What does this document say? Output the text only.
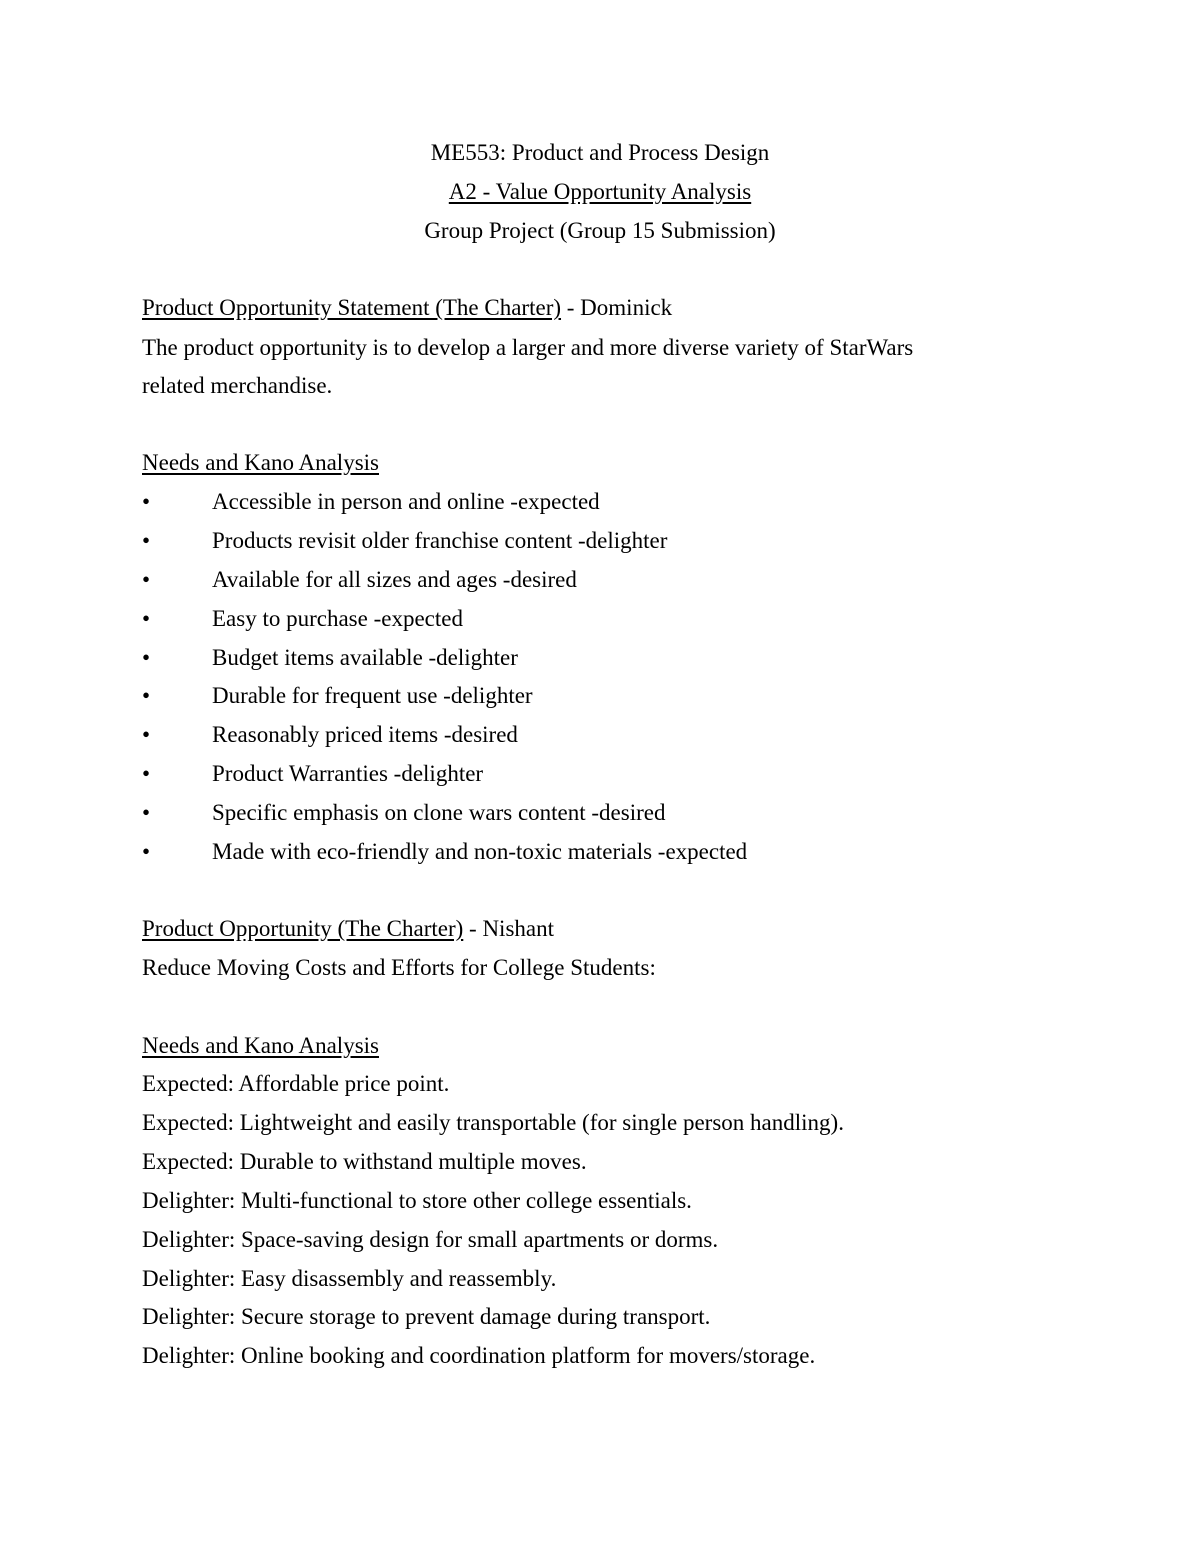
ME553: Product and Process Design
A2 - Value Opportunity Analysis
Group Project (Group 15 Submission)
Product Opportunity Statement (The Charter) - Dominick
The product opportunity is to develop a larger and more diverse variety of StarWars
related merchandise.
Needs and Kano Analysis
•	Accessible in person and online -expected
•	Products revisit older franchise content -delighter
•	Available for all sizes and ages -desired
•	Easy to purchase -expected
•	Budget items available -delighter
•	Durable for frequent use -delighter
•	Reasonably priced items -desired
•	Product Warranties -delighter
•	Specific emphasis on clone wars content -desired
•	Made with eco-friendly and non-toxic materials -expected
Product Opportunity (The Charter) - Nishant
Reduce Moving Costs and Efforts for College Students:
Needs and Kano Analysis
Expected: Affordable price point.
Expected: Lightweight and easily transportable (for single person handling).
Expected: Durable to withstand multiple moves.
Delighter: Multi-functional to store other college essentials.
Delighter: Space-saving design for small apartments or dorms.
Delighter: Easy disassembly and reassembly.
Delighter: Secure storage to prevent damage during transport.
Delighter: Online booking and coordination platform for movers/storage.
